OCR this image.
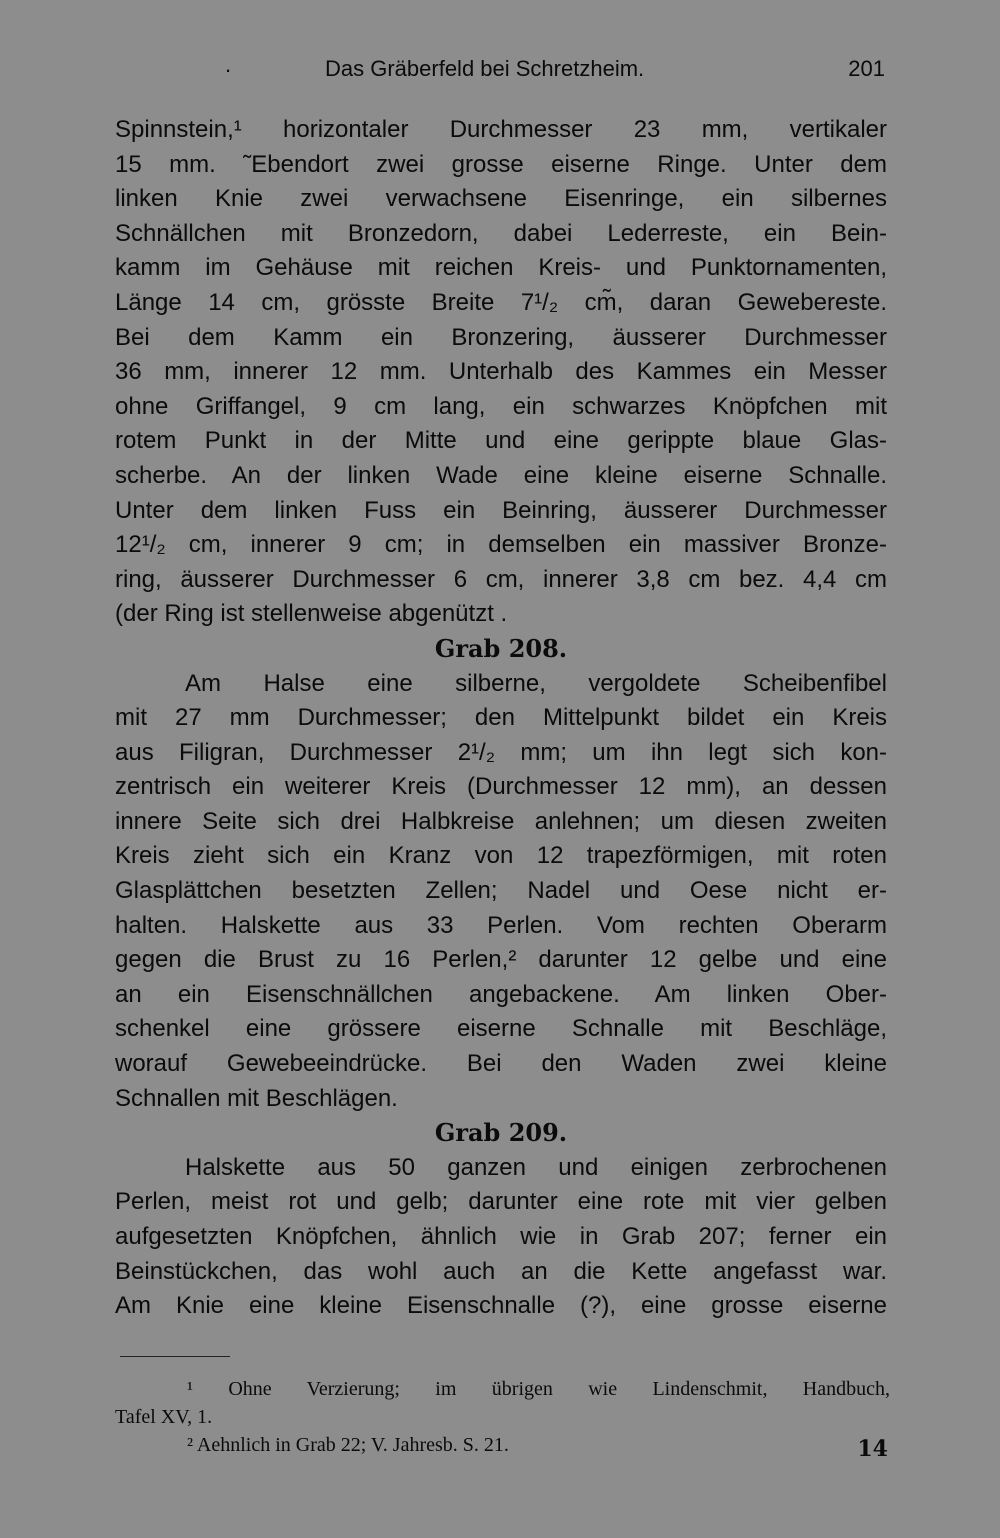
.	Das Gräberfeld bei Schretzheim.	201
Spinnstein,¹ horizontaler Durchmesser 23 mm, vertikaler
15 mm. ˜Ebendort zwei grosse eiserne Ringe. Unter dem
linken Knie zwei verwachsene Eisenringe, ein silbernes
Schnällchen mit Bronzedorn, dabei Lederreste, ein Bein-
kamm im Gehäuse mit reichen Kreis- und Punktornamenten,
Länge 14 cm, grösste Breite 7¹/₂ cm̃, daran Gewebereste.
Bei dem Kamm ein Bronzering, äusserer Durchmesser
36 mm, innerer 12 mm. Unterhalb des Kammes ein Messer
ohne Griffangel, 9 cm lang, ein schwarzes Knöpfchen mit
rotem Punkt in der Mitte und eine gerippte blaue Glas-
scherbe. An der linken Wade eine kleine eiserne Schnalle.
Unter dem linken Fuss ein Beinring, äusserer Durchmesser
12¹/₂ cm, innerer 9 cm; in demselben ein massiver Bronze-
ring, äusserer Durchmesser 6 cm, innerer 3,8 cm bez. 4,4 cm
(der Ring ist stellenweise abgenützt .
Grab 208.
Am Halse eine silberne, vergoldete Scheibenfibel
mit 27 mm Durchmesser; den Mittelpunkt bildet ein Kreis
aus Filigran, Durchmesser 2¹/₂ mm; um ihn legt sich kon-
zentrisch ein weiterer Kreis (Durchmesser 12 mm), an dessen
innere Seite sich drei Halbkreise anlehnen; um diesen zweiten
Kreis zieht sich ein Kranz von 12 trapezförmigen, mit roten
Glasplättchen besetzten Zellen; Nadel und Oese nicht er-
halten. Halskette aus 33 Perlen. Vom rechten Oberarm
gegen die Brust zu 16 Perlen,² darunter 12 gelbe und eine
an ein Eisenschnällchen angebackene. Am linken Ober-
schenkel eine grössere eiserne Schnalle mit Beschläge,
worauf Gewebeeindrücke. Bei den Waden zwei kleine
Schnallen mit Beschlägen.
Grab 209.
Halskette aus 50 ganzen und einigen zerbrochenen
Perlen, meist rot und gelb; darunter eine rote mit vier gelben
aufgesetzten Knöpfchen, ähnlich wie in Grab 207; ferner ein
Beinstückchen, das wohl auch an die Kette angefasst war.
Am Knie eine kleine Eisenschnalle (?), eine grosse eiserne
¹ Ohne Verzierung; im übrigen wie Lindenschmit, Handbuch,
Tafel XV, 1.
² Aehnlich in Grab 22; V. Jahresb. S. 21.	14
